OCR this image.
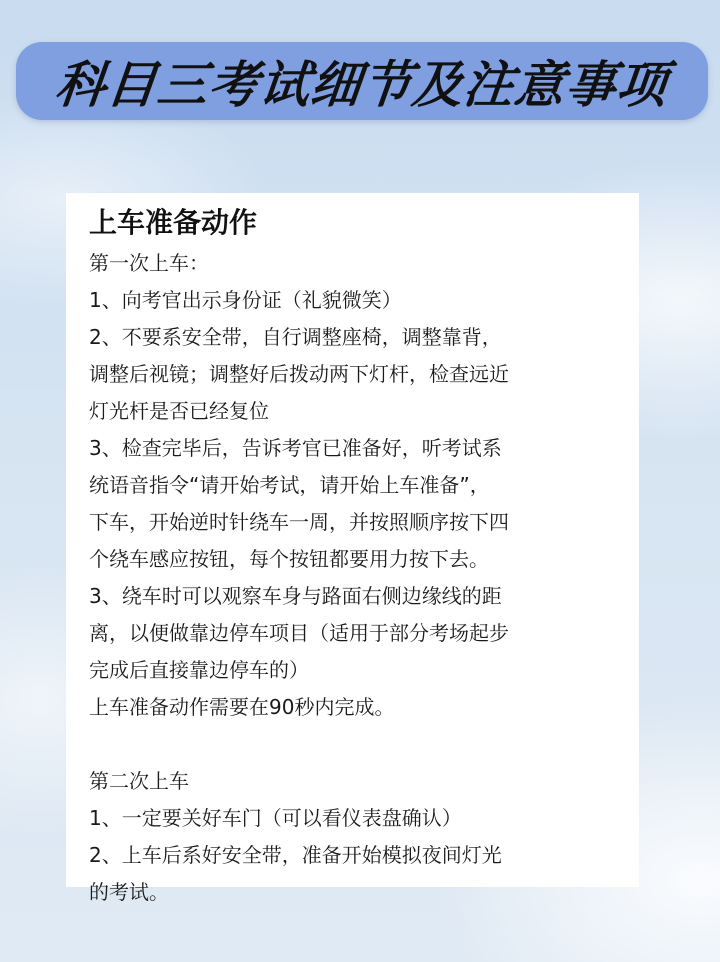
科目三考试细节及注意事项
上车准备动作
第一次上车：
1、向考官出示身份证（礼貌微笑）
2、不要系安全带，自行调整座椅，调整靠背，
调整后视镜；调整好后拨动两下灯杆，检查远近
灯光杆是否已经复位
3、检查完毕后，告诉考官已准备好，听考试系
统语音指令“请开始考试，请开始上车准备”，
下车，开始逆时针绕车一周，并按照顺序按下四
个绕车感应按钮，每个按钮都要用力按下去。
3、绕车时可以观察车身与路面右侧边缘线的距
离，以便做靠边停车项目（适用于部分考场起步
完成后直接靠边停车的）
上车准备动作需要在90秒内完成。
第二次上车
1、一定要关好车门（可以看仪表盘确认）
2、上车后系好安全带，准备开始模拟夜间灯光
的考试。
